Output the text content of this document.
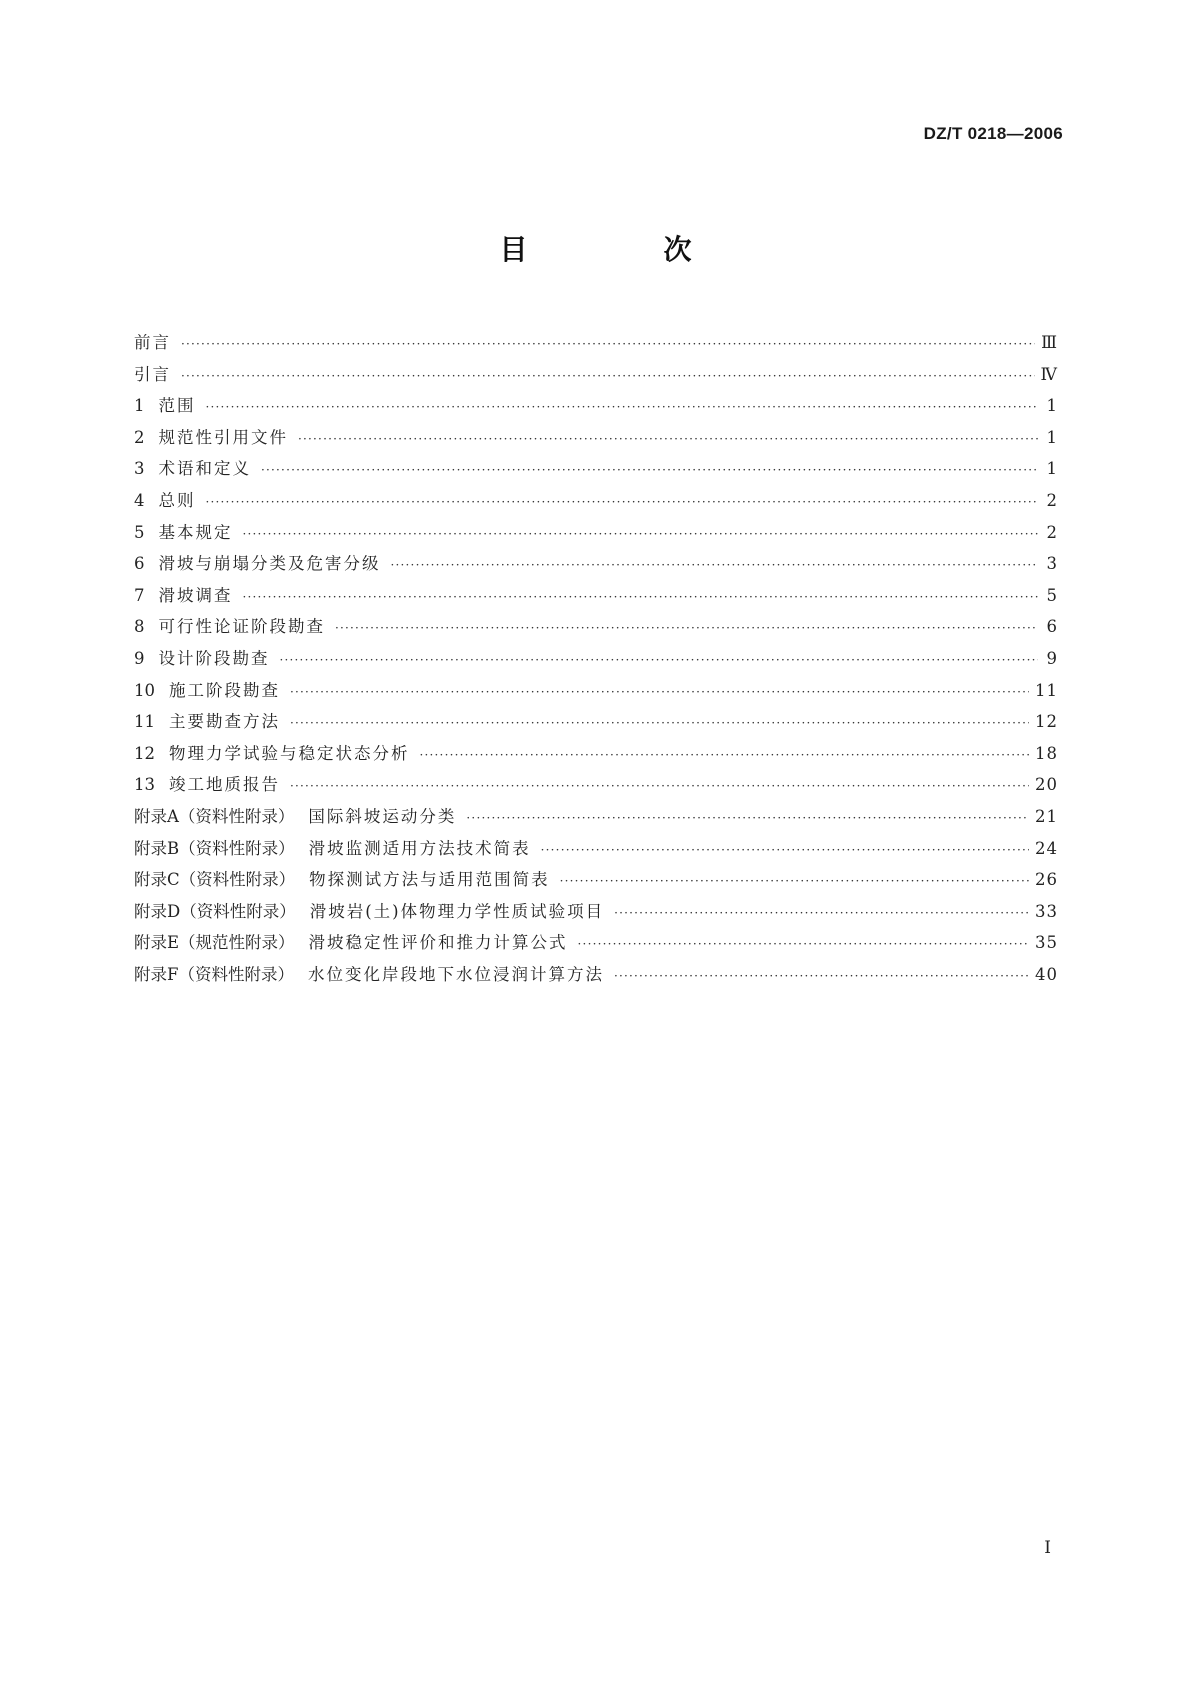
DZ/T 0218—2006
目　次
前言 ·····	Ⅲ
引言 ·····	Ⅳ
1 范围 ·····	1
2 规范性引用文件 ·····	1
3 术语和定义 ·····	1
4 总则 ·····	2
5 基本规定 ·····	2
6 滑坡与崩塌分类及危害分级 ·····	3
7 滑坡调查 ·····	5
8 可行性论证阶段勘查 ·····	6
9 设计阶段勘查 ·····	9
10 施工阶段勘查 ·····	11
11 主要勘查方法 ·····	12
12 物理力学试验与稳定状态分析 ·····	18
13 竣工地质报告 ·····	20
附录A（资料性附录） 国际斜坡运动分类 ·····	21
附录B（资料性附录） 滑坡监测适用方法技术简表 ·····	24
附录C（资料性附录） 物探测试方法与适用范围简表 ·····	26
附录D（资料性附录） 滑坡岩(土)体物理力学性质试验项目 ·····	33
附录E（规范性附录） 滑坡稳定性评价和推力计算公式 ·····	35
附录F（资料性附录） 水位变化岸段地下水位浸润计算方法 ·····	40
I
